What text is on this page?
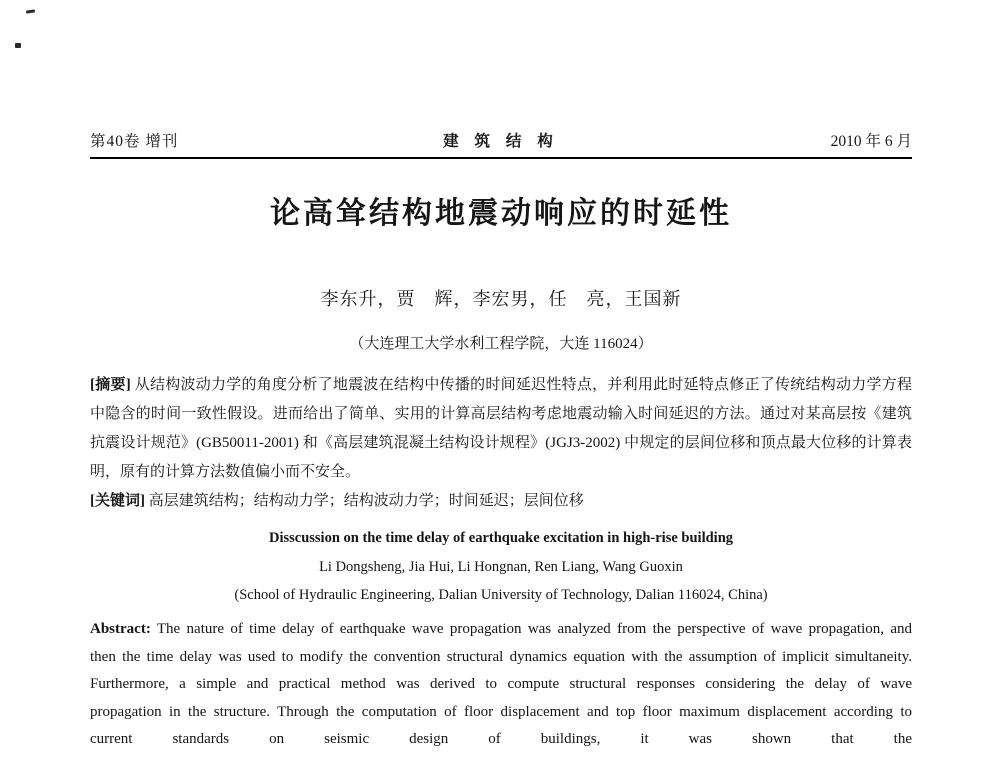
第40卷 增刊	建 筑 结 构	2010 年 6 月
论高耸结构地震动响应的时延性

李东升，贾　辉，李宏男，任　亮，王国新

（大连理工大学水利工程学院，大连 116024）

[摘要] 从结构波动力学的角度分析了地震波在结构中传播的时间延迟性特点，并利用此时延特点修正了传统结构动力学方程中隐含的时间一致性假设。进而给出了简单、实用的计算高层结构考虑地震动输入时间延迟的方法。通过对某高层按《建筑抗震设计规范》(GB50011-2001) 和《高层建筑混凝土结构设计规程》(JGJ3-2002) 中规定的层间位移和顶点最大位移的计算表明，原有的计算方法数值偏小而不安全。

[关键词] 高层建筑结构；结构动力学；结构波动力学；时间延迟；层间位移

Disscussion on the time delay of earthquake excitation in high-rise building

Li Dongsheng, Jia Hui, Li Hongnan, Ren Liang, Wang Guoxin

(School of Hydraulic Engineering, Dalian University of Technology, Dalian 116024, China)

Abstract: The nature of time delay of earthquake wave propagation was analyzed from the perspective of wave propagation, and then the time delay was used to modify the convention structural dynamics equation with the assumption of implicit simultaneity. Furthermore, a simple and practical method was derived to compute structural responses considering the delay of wave propagation in the structure. Through the computation of floor displacement and top floor maximum displacement according to current standards on seismic design of buildings, it was shown that the
